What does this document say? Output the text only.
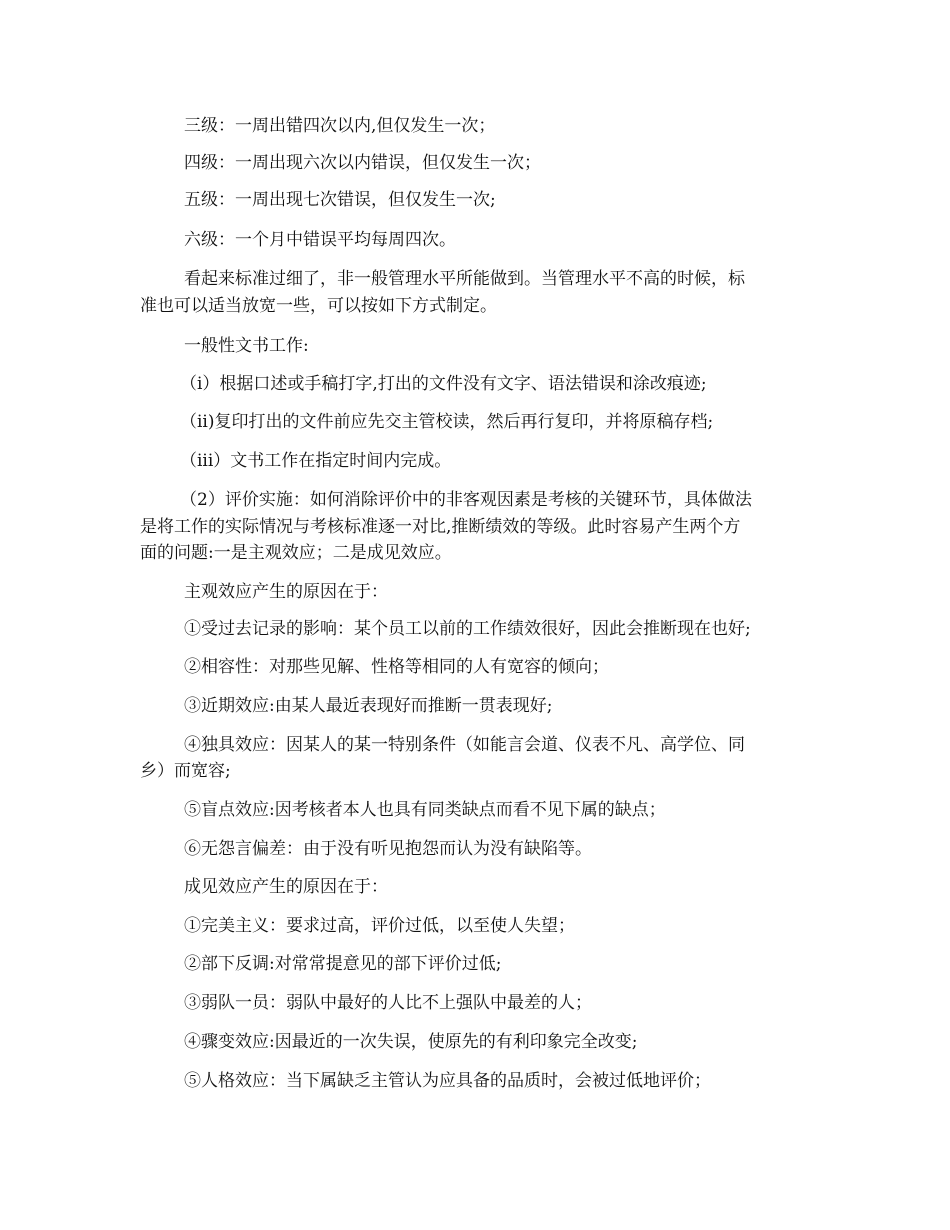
三级：一周出错四次以内,但仅发生一次；

四级：一周出现六次以内错误，但仅发生一次；

五级：一周出现七次错误，但仅发生一次;

六级：一个月中错误平均每周四次。

看起来标准过细了，非一般管理水平所能做到。当管理水平不高的时候，标

准也可以适当放宽一些，可以按如下方式制定。

一般性文书工作:

（i）根据口述或手稿打字,打出的文件没有文字、语法错误和涂改痕迹;

（ii)复印打出的文件前应先交主管校读，然后再行复印，并将原稿存档;

（iii）文书工作在指定时间内完成。

（2）评价实施：如何消除评价中的非客观因素是考核的关键环节，具体做法

是将工作的实际情况与考核标准逐一对比,推断绩效的等级。此时容易产生两个方

面的问题:一是主观效应；二是成见效应。

主观效应产生的原因在于：

①受过去记录的影响：某个员工以前的工作绩效很好，因此会推断现在也好;

②相容性：对那些见解、性格等相同的人有宽容的倾向；

③近期效应:由某人最近表现好而推断一贯表现好;

④独具效应：因某人的某一特别条件（如能言会道、仪表不凡、高学位、同

乡）而宽容;

⑤盲点效应:因考核者本人也具有同类缺点而看不见下属的缺点；

⑥无怨言偏差：由于没有听见抱怨而认为没有缺陷等。

成见效应产生的原因在于：

①完美主义：要求过高，评价过低，以至使人失望；

②部下反调:对常常提意见的部下评价过低;

③弱队一员：弱队中最好的人比不上强队中最差的人；

④骤变效应:因最近的一次失误，使原先的有利印象完全改变;

⑤人格效应：当下属缺乏主管认为应具备的品质时，会被过低地评价；
